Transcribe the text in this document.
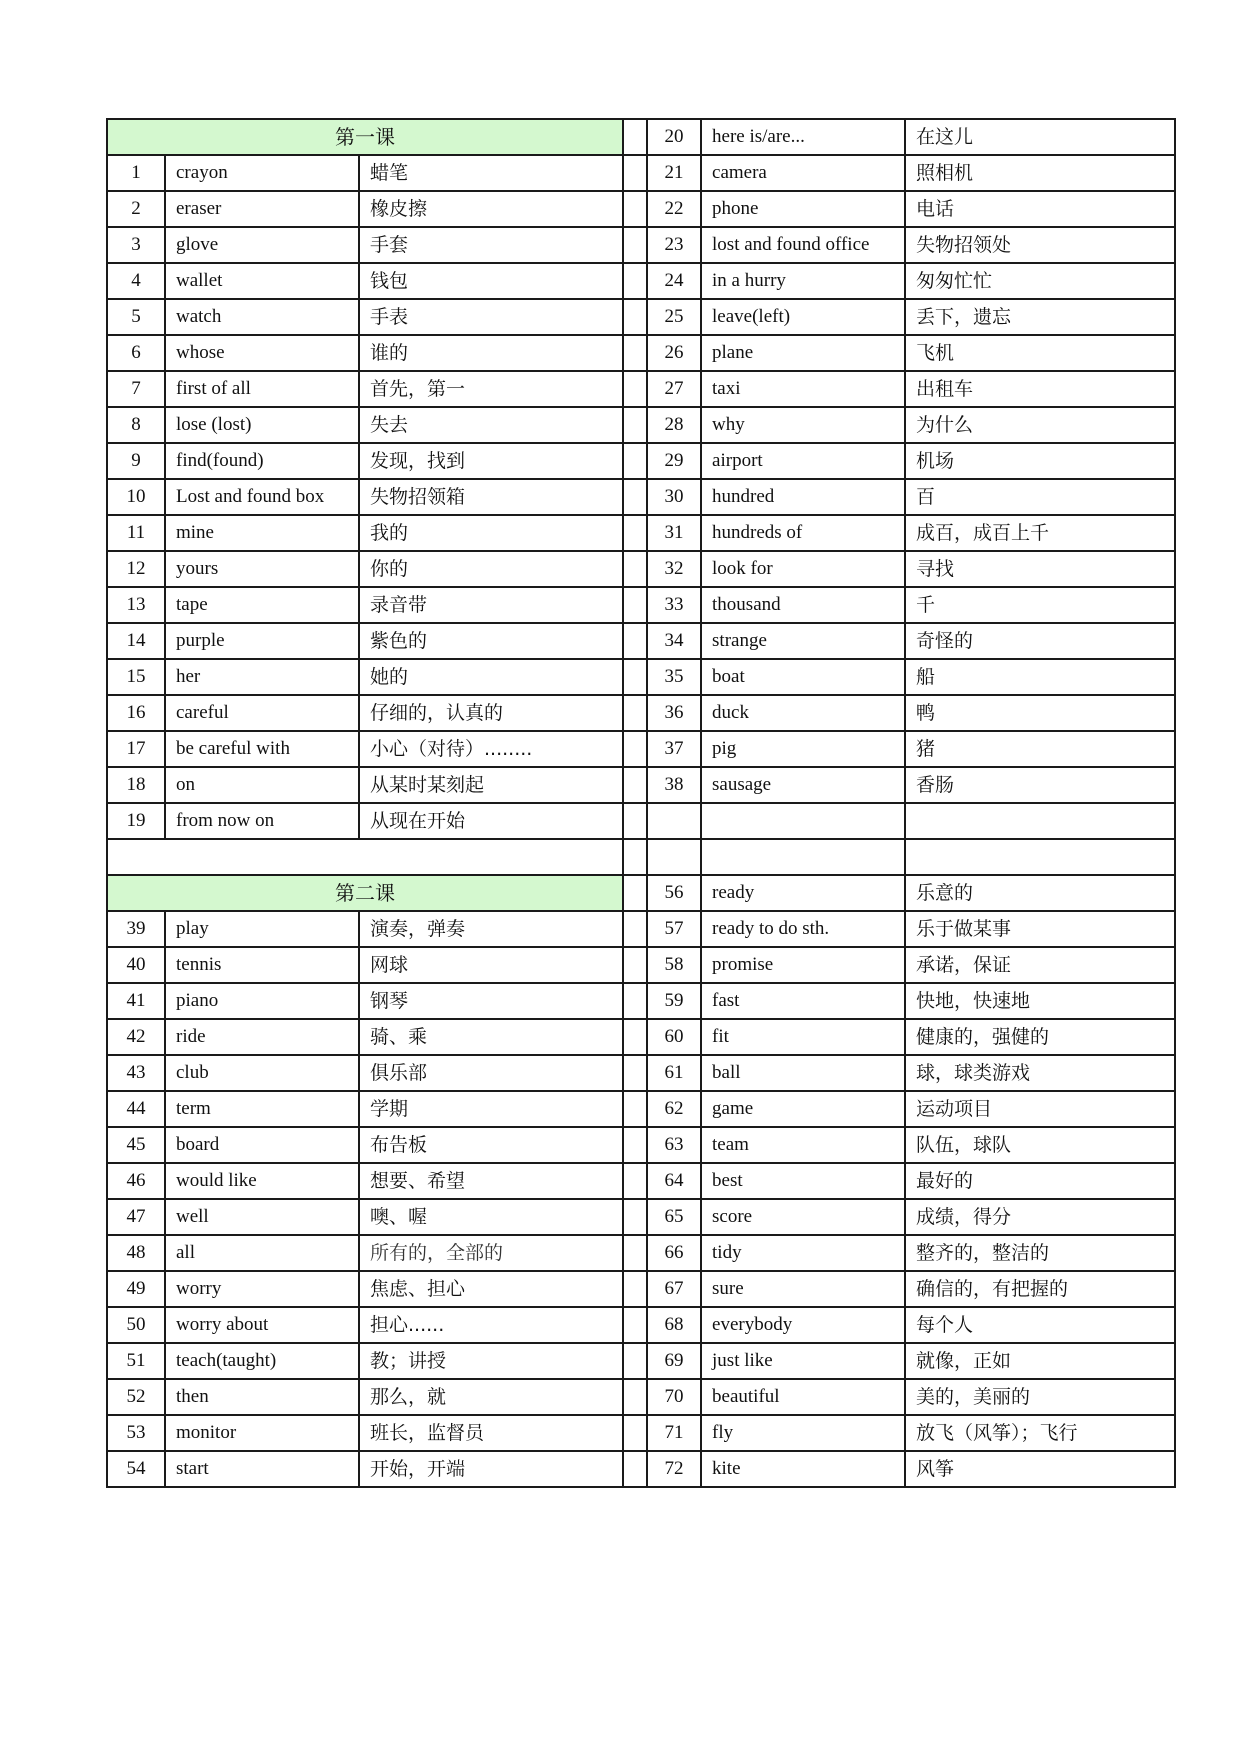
第一课				20	here is/are...	在这儿
1	crayon	蜡笔		21	camera	照相机
2	eraser	橡皮擦		22	phone	电话
3	glove	手套		23	lost and found office	失物招领处
4	wallet	钱包		24	in a hurry	匆匆忙忙
5	watch	手表		25	leave(left)	丢下，遗忘
6	whose	谁的		26	plane	飞机
7	first of all	首先，第一		27	taxi	出租车
8	lose (lost)	失去		28	why	为什么
9	find(found)	发现，找到		29	airport	机场
10	Lost and found box	失物招领箱		30	hundred	百
11	mine	我的		31	hundreds of	成百，成百上千
12	yours	你的		32	look for	寻找
13	tape	录音带		33	thousand	千
14	purple	紫色的		34	strange	奇怪的
15	her	她的		35	boat	船
16	careful	仔细的，认真的		36	duck	鸭
17	be careful with	小心（对待）........		37	pig	猪
18	on	从某时某刻起		38	sausage	香肠
19	from now on	从现在开始				

第二课				56	ready	乐意的
39	play	演奏，弹奏		57	ready to do sth.	乐于做某事
40	tennis	网球		58	promise	承诺，保证
41	piano	钢琴		59	fast	快地，快速地
42	ride	骑、乘		60	fit	健康的，强健的
43	club	俱乐部		61	ball	球，球类游戏
44	term	学期		62	game	运动项目
45	board	布告板		63	team	队伍，球队
46	would like	想要、希望		64	best	最好的
47	well	噢、喔		65	score	成绩，得分
48	all	所有的，全部的		66	tidy	整齐的，整洁的
49	worry	焦虑、担心		67	sure	确信的，有把握的
50	worry about	担心......		68	everybody	每个人
51	teach(taught)	教；讲授		69	just like	就像，正如
52	then	那么，就		70	beautiful	美的，美丽的
53	monitor	班长，监督员		71	fly	放飞（风筝）；飞行
54	start	开始，开端		72	kite	风筝
